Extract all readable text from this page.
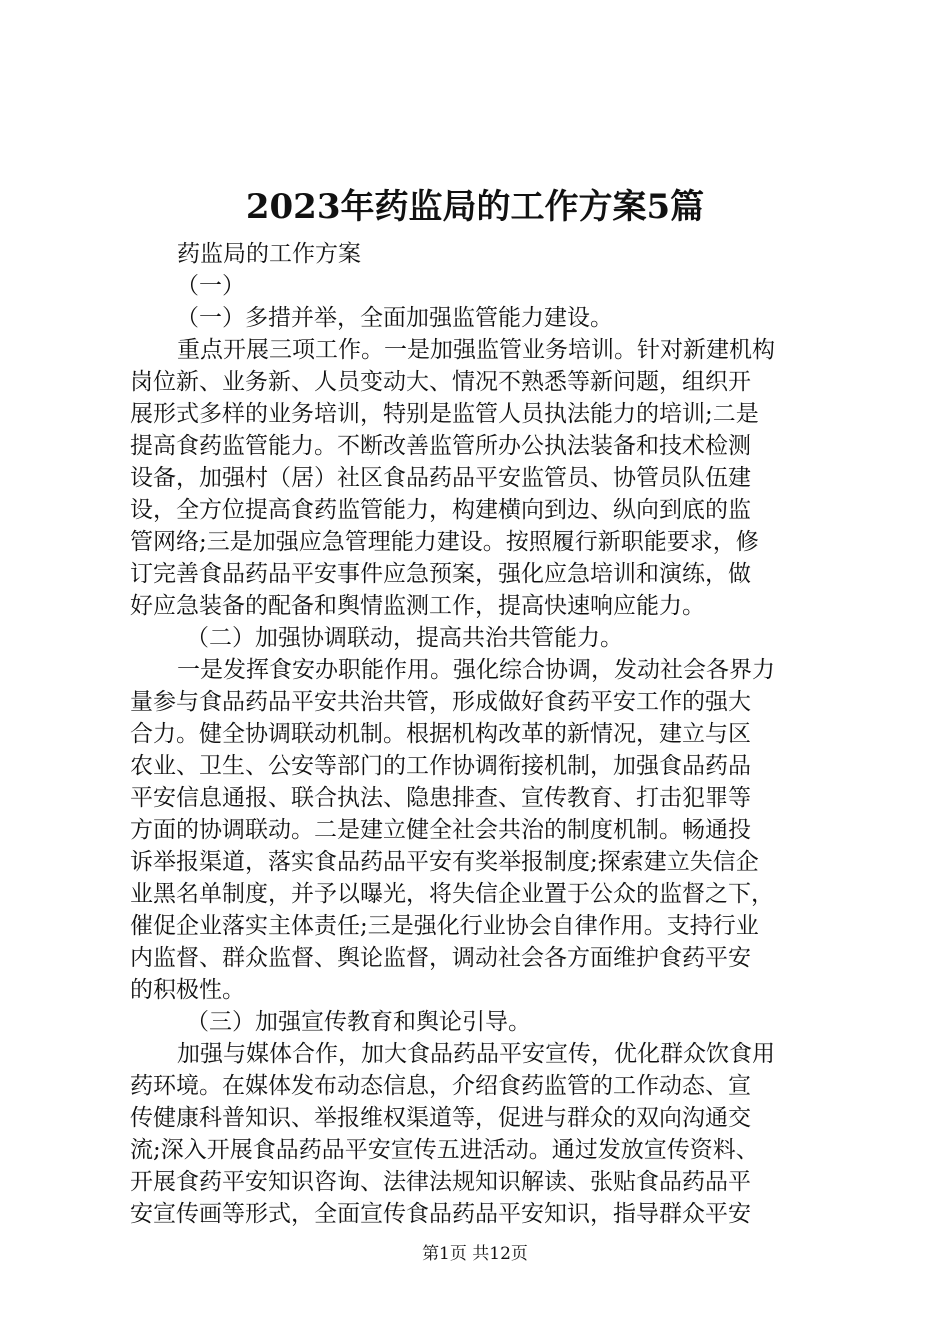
2023年药监局的工作方案5篇
药监局的工作方案
（一）
（一）多措并举，全面加强监管能力建设。
重点开展三项工作。一是加强监管业务培训。针对新建机构
岗位新、业务新、人员变动大、情况不熟悉等新问题，组织开
展形式多样的业务培训，特别是监管人员执法能力的培训;二是
提高食药监管能力。不断改善监管所办公执法装备和技术检测
设备，加强村（居）社区食品药品平安监管员、协管员队伍建
设，全方位提高食药监管能力，构建横向到边、纵向到底的监
管网络;三是加强应急管理能力建设。按照履行新职能要求，修
订完善食品药品平安事件应急预案，强化应急培训和演练，做
好应急装备的配备和舆情监测工作，提高快速响应能力。
（二）加强协调联动，提高共治共管能力。
一是发挥食安办职能作用。强化综合协调，发动社会各界力
量参与食品药品平安共治共管，形成做好食药平安工作的强大
合力。健全协调联动机制。根据机构改革的新情况，建立与区
农业、卫生、公安等部门的工作协调衔接机制，加强食品药品
平安信息通报、联合执法、隐患排查、宣传教育、打击犯罪等
方面的协调联动。二是建立健全社会共治的制度机制。畅通投
诉举报渠道，落实食品药品平安有奖举报制度;探索建立失信企
业黑名单制度，并予以曝光，将失信企业置于公众的监督之下，
催促企业落实主体责任;三是强化行业协会自律作用。支持行业
内监督、群众监督、舆论监督，调动社会各方面维护食药平安
的积极性。
（三）加强宣传教育和舆论引导。
加强与媒体合作，加大食品药品平安宣传，优化群众饮食用
药环境。在媒体发布动态信息，介绍食药监管的工作动态、宣
传健康科普知识、举报维权渠道等，促进与群众的双向沟通交
流;深入开展食品药品平安宣传五进活动。通过发放宣传资料、
开展食药平安知识咨询、法律法规知识解读、张贴食品药品平
安宣传画等形式，全面宣传食品药品平安知识，指导群众平安
第1页 共12页
